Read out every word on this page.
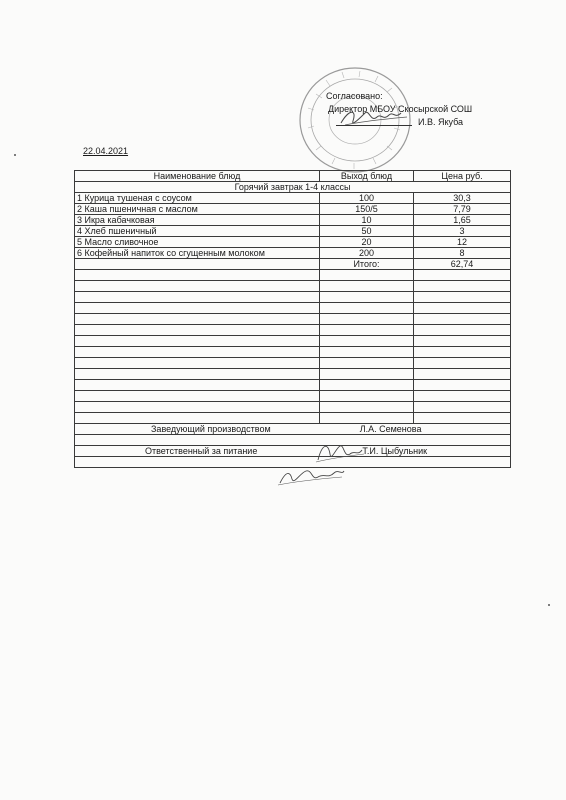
Согласовано:
Директор МБОУ Скосырской СОШ
И.В. Якуба
22.04.2021
Наименование блюд	Выход блюд	Цена руб.
Горячий завтрак 1-4 классы		
1 Курица тушеная с соусом	100	30,3
2 Каша пшеничная с маслом	150/5	7,79
3 Икра кабачковая	10	1,65
4 Хлеб пшеничный	50	3
5 Масло сливочное	20	12
6 Кофейный напиток со сгущенным молоком	200	8
	Итого:	62,74

Заведующий производством Л.А. Семенова		

Ответственный за питание Т.И. Цыбульник		
